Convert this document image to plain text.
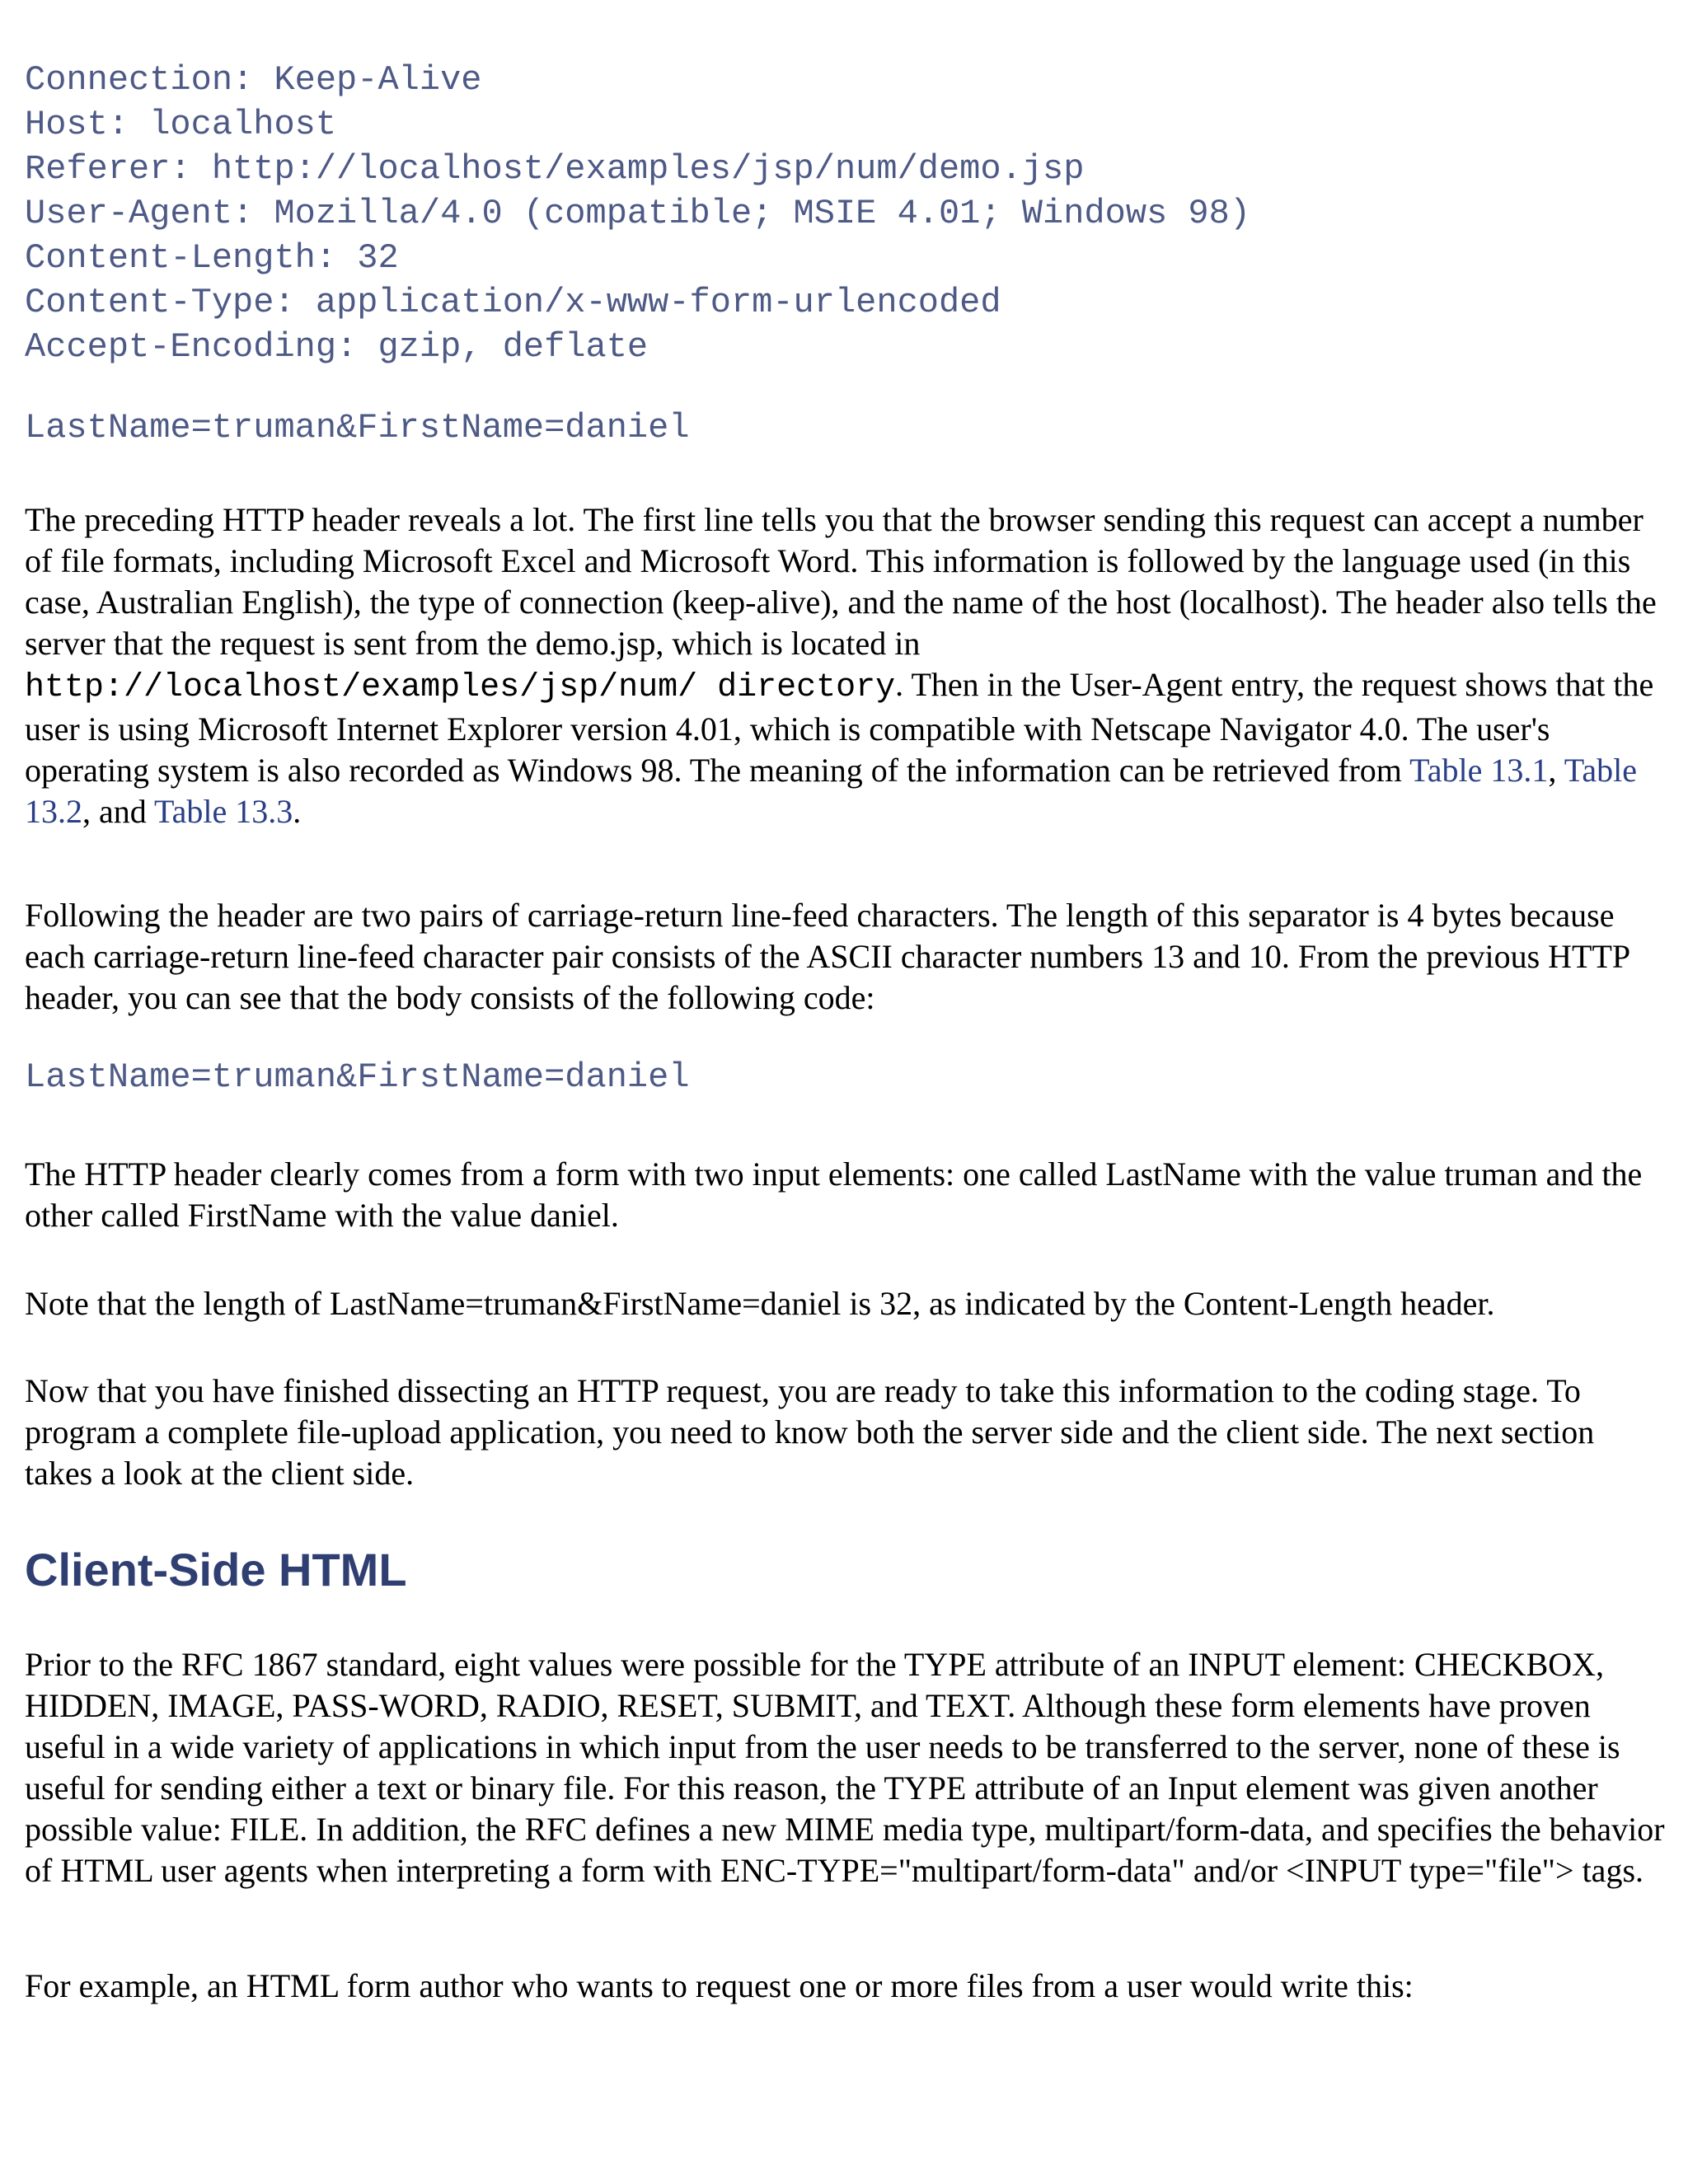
Connection: Keep-Alive
Host: localhost
Referer: http://localhost/examples/jsp/num/demo.jsp
User-Agent: Mozilla/4.0 (compatible; MSIE 4.01; Windows 98)
Content-Length: 32
Content-Type: application/x-www-form-urlencoded
Accept-Encoding: gzip, deflate
LastName=truman&FirstName=daniel

The preceding HTTP header reveals a lot. The first line tells you that the browser sending this request can accept a number of file formats, including Microsoft Excel and Microsoft Word. This information is followed by the language used (in this case, Australian English), the type of connection (keep-alive), and the name of the host (localhost). The header also tells the server that the request is sent from the demo.jsp, which is located in
http://localhost/examples/jsp/num/ directory. Then in the User-Agent entry, the request shows that the user is using Microsoft Internet Explorer version 4.01, which is compatible with Netscape Navigator 4.0. The user's operating system is also recorded as Windows 98. The meaning of the information can be retrieved from Table 13.1, Table 13.2, and Table 13.3.

Following the header are two pairs of carriage-return line-feed characters. The length of this separator is 4 bytes because each carriage-return line-feed character pair consists of the ASCII character numbers 13 and 10. From the previous HTTP header, you can see that the body consists of the following code:

LastName=truman&FirstName=daniel

The HTTP header clearly comes from a form with two input elements: one called LastName with the value truman and the other called FirstName with the value daniel.

Note that the length of LastName=truman&FirstName=daniel is 32, as indicated by the Content-Length header.

Now that you have finished dissecting an HTTP request, you are ready to take this information to the coding stage. To program a complete file-upload application, you need to know both the server side and the client side. The next section takes a look at the client side.

Client-Side HTML

Prior to the RFC 1867 standard, eight values were possible for the TYPE attribute of an INPUT element: CHECKBOX, HIDDEN, IMAGE, PASS-WORD, RADIO, RESET, SUBMIT, and TEXT. Although these form elements have proven useful in a wide variety of applications in which input from the user needs to be transferred to the server, none of these is useful for sending either a text or binary file. For this reason, the TYPE attribute of an Input element was given another possible value: FILE. In addition, the RFC defines a new MIME media type, multipart/form-data, and specifies the behavior of HTML user agents when interpreting a form with ENC-TYPE="multipart/form-data" and/or <INPUT type="file"> tags.

For example, an HTML form author who wants to request one or more files from a user would write this:
